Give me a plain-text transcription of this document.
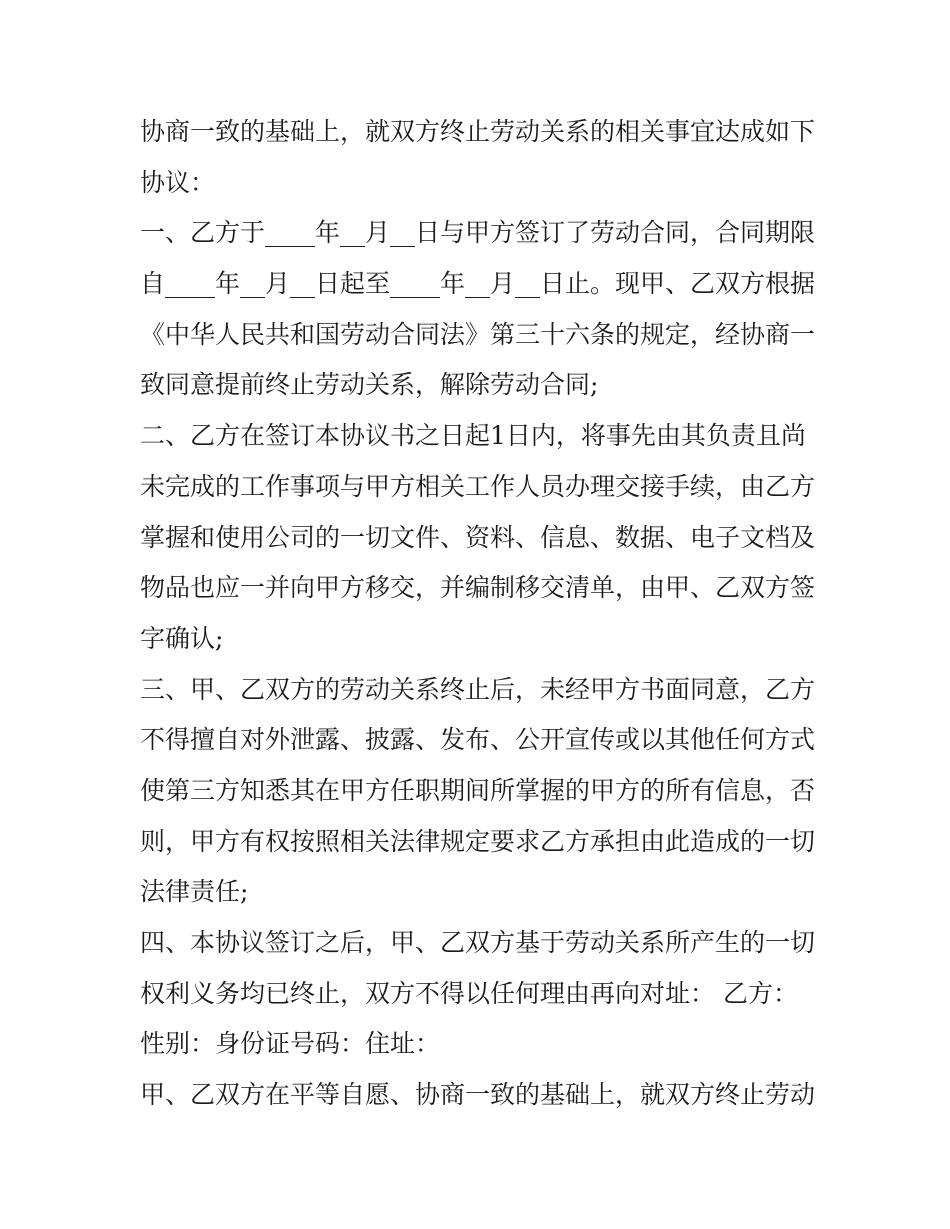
协商一致的基础上，就双方终止劳动关系的相关事宜达成如下

协议：

一、乙方于____年__月__日与甲方签订了劳动合同，合同期限

自____年__月__日起至____年__月__日止。现甲、乙双方根据

《中华人民共和国劳动合同法》第三十六条的规定，经协商一

致同意提前终止劳动关系，解除劳动合同;

二、乙方在签订本协议书之日起1日内，将事先由其负责且尚

未完成的工作事项与甲方相关工作人员办理交接手续，由乙方

掌握和使用公司的一切文件、资料、信息、数据、电子文档及

物品也应一并向甲方移交，并编制移交清单，由甲、乙双方签

字确认;

三、甲、乙双方的劳动关系终止后，未经甲方书面同意，乙方

不得擅自对外泄露、披露、发布、公开宣传或以其他任何方式

使第三方知悉其在甲方任职期间所掌握的甲方的所有信息，否

则，甲方有权按照相关法律规定要求乙方承担由此造成的一切

法律责任;

四、本协议签订之后，甲、乙双方基于劳动关系所产生的一切

权利义务均已终止，双方不得以任何理由再向对址： 乙方：

性别：身份证号码：住址：

甲、乙双方在平等自愿、协商一致的基础上，就双方终止劳动
